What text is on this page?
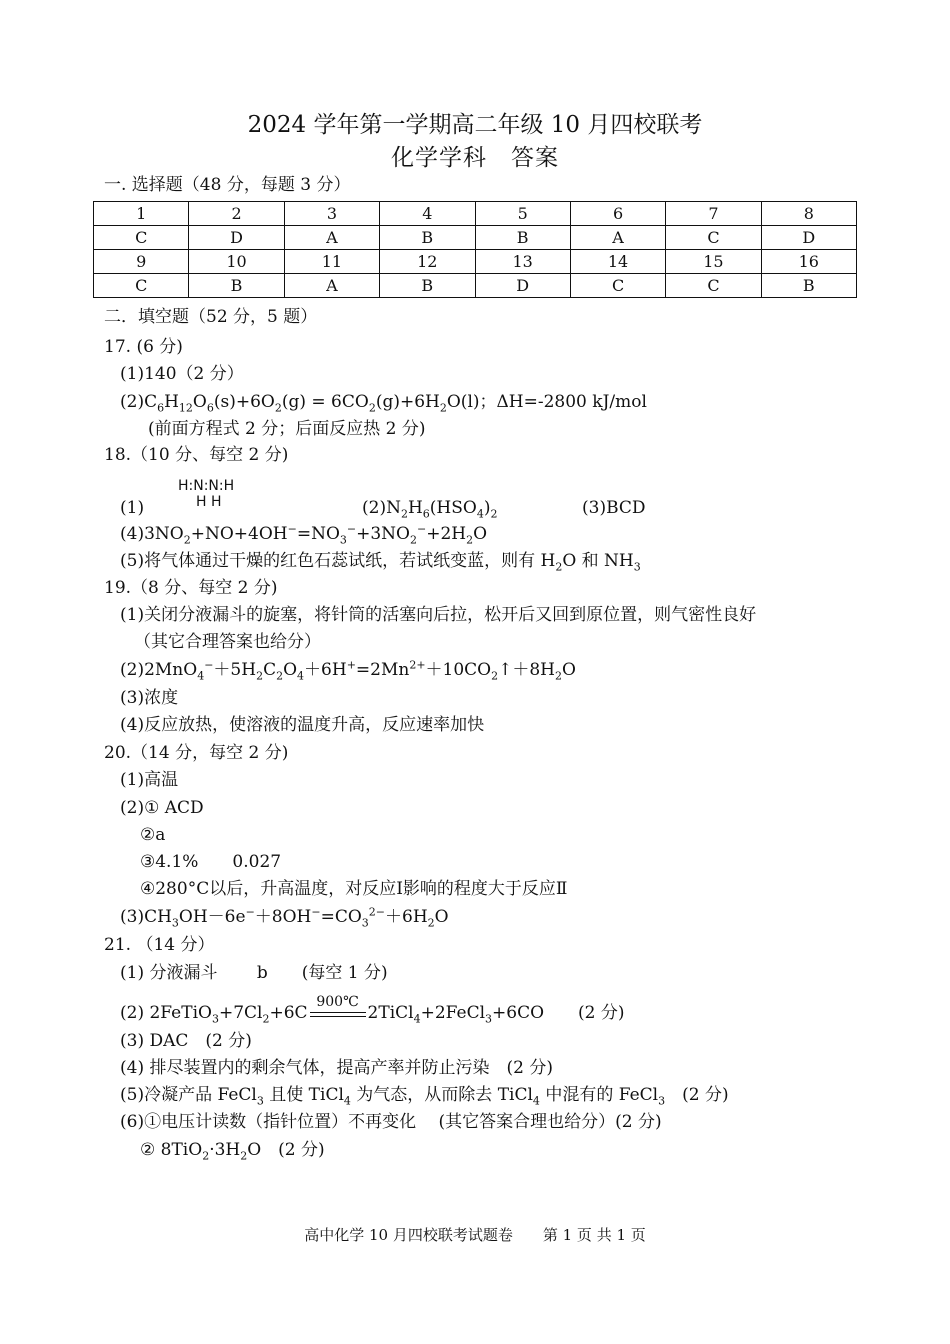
2024 学年第一学期高二年级 10 月四校联考
化学学科　答案
一. 选择题（48 分，每题 3 分）
1	2	3	4	5	6	7	8
C	D	A	B	B	A	C	D
9	10	11	12	13	14	15	16
C	B	A	B	D	C	C	B
二．填空题（52 分，5 题）
17. (6 分)
(1)140（2 分）
$(2)C_6H_{12}O_6(s)+6O_2(g) = 6CO_2(g)+6H_2O(l)$；ΔH=-2800 kJ/mol
(前面方程式 2 分；后面反应热 2 分)
18.（10 分、每空 2 分)
H:N:N:H
H H
(1)	$(2)N_2H_6(HSO_4)_2$	(3)BCD
$(4)3NO_2+NO+4OH^-=NO_3^-+3NO_2^-+2H_2O$
(5)将气体通过干燥的红色石蕊试纸，若试纸变蓝，则有 $H_2O$ 和 $NH_3$
19.（8 分、每空 2 分)
(1)关闭分液漏斗的旋塞，将针筒的活塞向后拉，松开后又回到原位置，则气密性良好
（其它合理答案也给分）
$(2)2MnO_4^-+5H_2C_2O_4+6H^+=2Mn^{2+}+10CO_2↑+8H_2O$
(3)浓度
(4)反应放热，使溶液的温度升高，反应速率加快
20.（14 分，每空 2 分)
(1)高温
(2)① ACD
②a
③4.1%　　0.027
④280°C以后，升高温度，对反应Ⅰ影响的程度大于反应Ⅱ
$(3)CH_3OH-6e^-+8OH^-=CO_3^{2-}+6H_2O$
21. （14 分）
(1) 分液漏斗　　 b　　(每空 1 分)
(2) $2FeTiO_3+7Cl_2+6C$
900℃
2TiCl$_4$+2FeCl$_3$+6CO　　(2 分)
(3) DAC　(2 分)
(4) 排尽装置内的剩余气体，提高产率并防止污染　(2 分)
(5)冷凝产品 FeCl$_3$ 且使 TiCl$_4$ 为气态，从而除去 TiCl$_4$ 中混有的 FeCl$_3$　(2 分)
(6)①电压计读数（指针位置）不再变化　 (其它答案合理也给分）(2 分)
② $8TiO_2\cdot 3H_2O$　(2 分)
高中化学 10 月四校联考试题卷　　第 1 页 共 1 页
